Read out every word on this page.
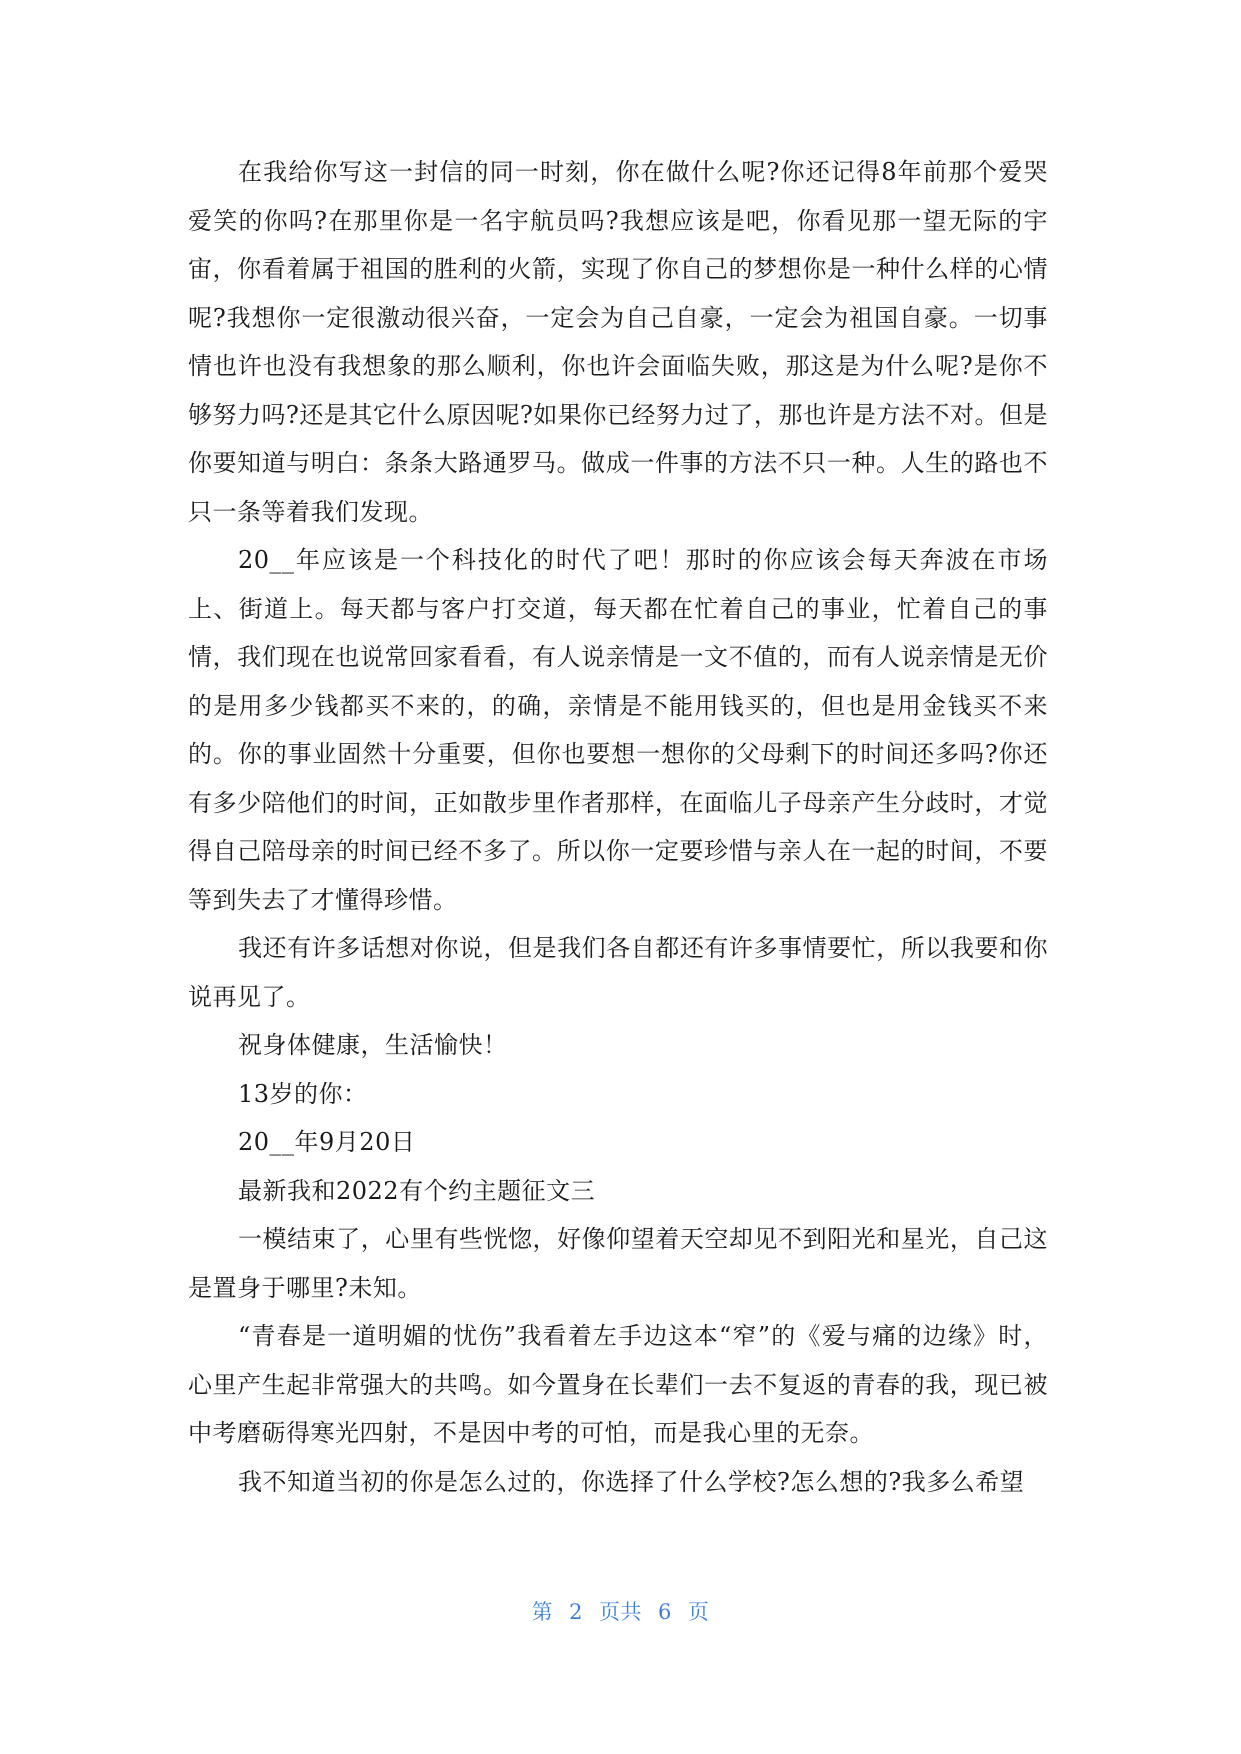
在我给你写这一封信的同一时刻，你在做什么呢?你还记得8年前那个爱哭爱笑的你吗?在那里你是一名宇航员吗?我想应该是吧，你看见那一望无际的宇宙，你看着属于祖国的胜利的火箭，实现了你自己的梦想你是一种什么样的心情呢?我想你一定很激动很兴奋，一定会为自己自豪，一定会为祖国自豪。一切事情也许也没有我想象的那么顺利，你也许会面临失败，那这是为什么呢?是你不够努力吗?还是其它什么原因呢?如果你已经努力过了，那也许是方法不对。但是你要知道与明白：条条大路通罗马。做成一件事的方法不只一种。人生的路也不只一条等着我们发现。

20__年应该是一个科技化的时代了吧！那时的你应该会每天奔波在市场上、街道上。每天都与客户打交道，每天都在忙着自己的事业，忙着自己的事情，我们现在也说常回家看看，有人说亲情是一文不值的，而有人说亲情是无价的是用多少钱都买不来的，的确，亲情是不能用钱买的，但也是用金钱买不来的。你的事业固然十分重要，但你也要想一想你的父母剩下的时间还多吗?你还有多少陪他们的时间，正如散步里作者那样，在面临儿子母亲产生分歧时，才觉得自己陪母亲的时间已经不多了。所以你一定要珍惜与亲人在一起的时间，不要等到失去了才懂得珍惜。

我还有许多话想对你说，但是我们各自都还有许多事情要忙，所以我要和你说再见了。

祝身体健康，生活愉快！

13岁的你：

20__年9月20日

最新我和2022有个约主题征文三

一模结束了，心里有些恍惚，好像仰望着天空却见不到阳光和星光，自己这是置身于哪里?未知。

“青春是一道明媚的忧伤”我看着左手边这本“窄”的《爱与痛的边缘》时，心里产生起非常强大的共鸣。如今置身在长辈们一去不复返的青春的我，现已被中考磨砺得寒光四射，不是因中考的可怕，而是我心里的无奈。

我不知道当初的你是怎么过的，你选择了什么学校?怎么想的?我多么希望

第 2 页共 6 页
